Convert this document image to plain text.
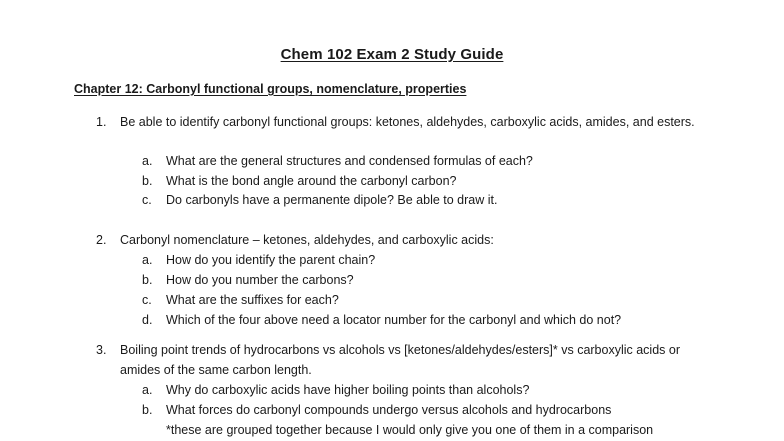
Chem 102 Exam 2 Study Guide
Chapter 12: Carbonyl functional groups, nomenclature, properties
1.	Be able to identify carbonyl functional groups: ketones, aldehydes, carboxylic acids, amides, and esters.
a.	What are the general structures and condensed formulas of each?
b.	What is the bond angle around the carbonyl carbon?
c.	Do carbonyls have a permanente dipole? Be able to draw it.
2.	Carbonyl nomenclature – ketones, aldehydes, and carboxylic acids:
a.	How do you identify the parent chain?
b.	How do you number the carbons?
c.	What are the suffixes for each?
d.	Which of the four above need a locator number for the carbonyl and which do not?
3.	Boiling point trends of hydrocarbons vs alcohols vs [ketones/aldehydes/esters]* vs carboxylic acids or amides of the same carbon length.
a.	Why do carboxylic acids have higher boiling points than alcohols?
b.	What forces do carbonyl compounds undergo versus alcohols and hydrocarbons
*these are grouped together because I would only give you one of them in a comparison
